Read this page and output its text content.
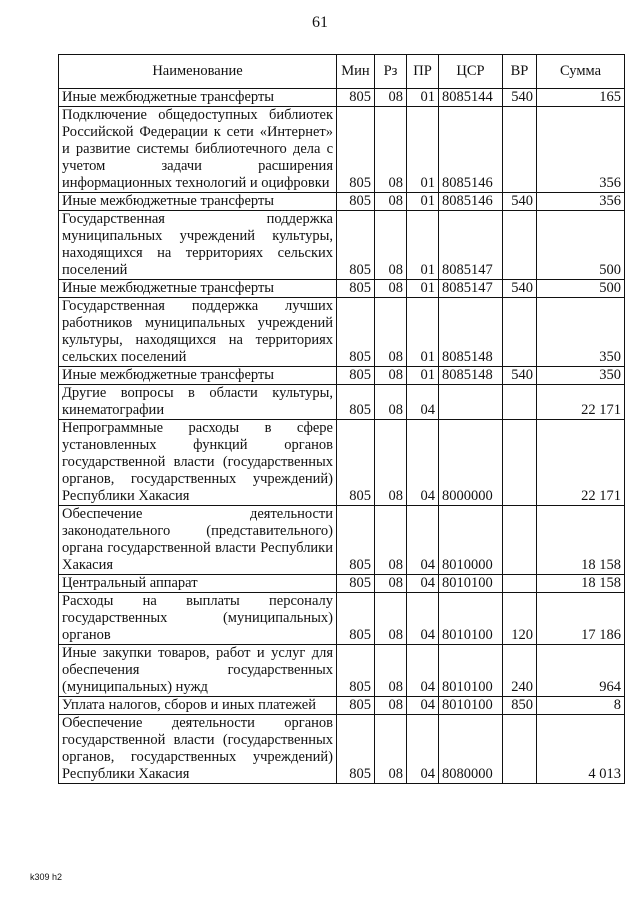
61
Наименование	Мин	Рз	ПР	ЦСР	ВР	Сумма
Иные межбюджетные трансферты	805	08	01	8085144	540	165
Подключение общедоступных библиотек Российской Федерации к сети «Интернет» и развитие системы библиотечного дела с учетом задачи расширения информационных технологий и оцифровки	805	08	01	8085146		356
Иные межбюджетные трансферты	805	08	01	8085146	540	356
Государственная поддержка муниципальных учреждений культуры, находящихся на территориях сельских поселений	805	08	01	8085147		500
Иные межбюджетные трансферты	805	08	01	8085147	540	500
Государственная поддержка лучших работников муниципальных учреждений культуры, находящихся на территориях сельских поселений	805	08	01	8085148		350
Иные межбюджетные трансферты	805	08	01	8085148	540	350
Другие вопросы в области культуры, кинематографии	805	08	04			22 171
Непрограммные расходы в сфере установленных функций органов государственной власти (государственных органов, государственных учреждений) Республики Хакасия	805	08	04	8000000		22 171
Обеспечение деятельности законодательного (представительного) органа государственной власти Республики Хакасия	805	08	04	8010000		18 158
Центральный аппарат	805	08	04	8010100		18 158
Расходы на выплаты персоналу государственных (муниципальных) органов	805	08	04	8010100	120	17 186
Иные закупки товаров, работ и услуг для обеспечения государственных (муниципальных) нужд	805	08	04	8010100	240	964
Уплата налогов, сборов и иных платежей	805	08	04	8010100	850	8
Обеспечение деятельности органов государственной власти (государственных органов, государственных учреждений) Республики Хакасия	805	08	04	8080000		4 013
k309 h2
